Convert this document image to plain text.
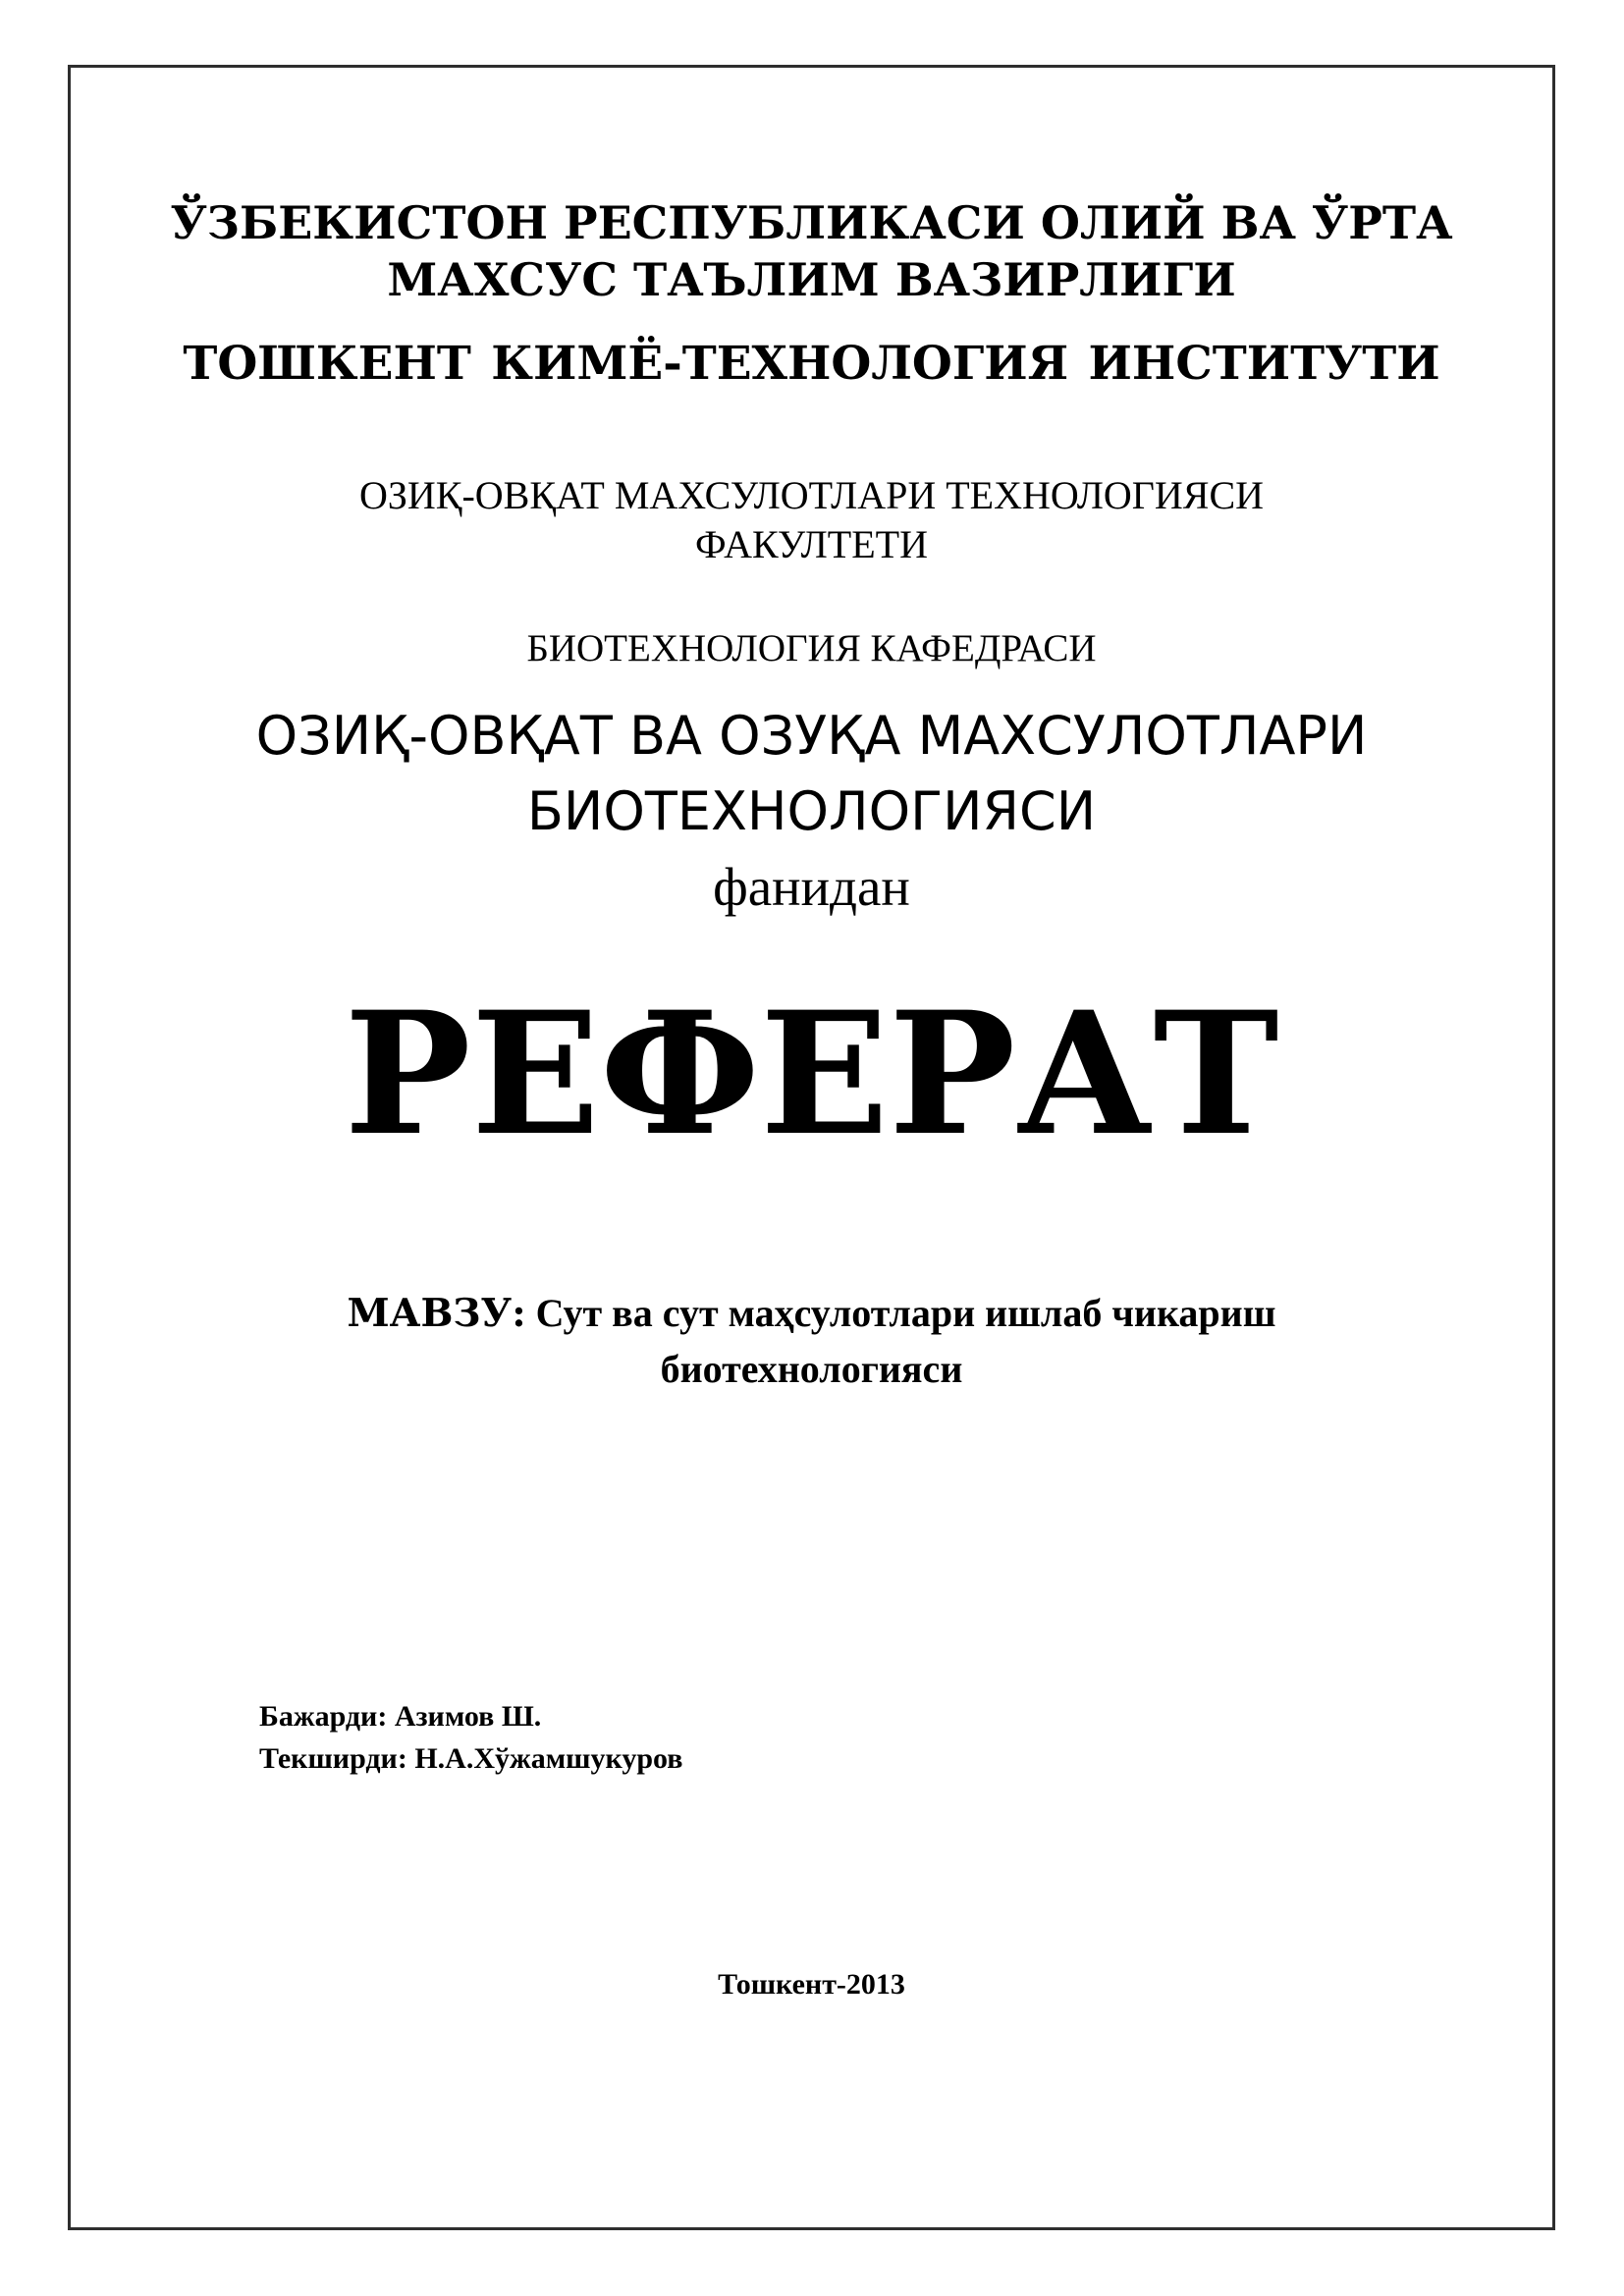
ЎЗБЕКИСТОН РЕСПУБЛИКАСИ ОЛИЙ ВА ЎРТА
МАХСУС ТАЪЛИМ ВАЗИРЛИГИ
ТОШКЕНТ КИМЁ-ТЕХНОЛОГИЯ ИНСТИТУТИ
ОЗИҚ-ОВҚАТ МАХСУЛОТЛАРИ ТЕХНОЛОГИЯСИ
ФАКУЛТЕТИ
БИОТЕХНОЛОГИЯ КАФЕДРАСИ
ОЗИҚ-ОВҚАТ ВА ОЗУҚА МАХСУЛОТЛАРИ
БИОТЕХНОЛОГИЯСИ
фанидан
РЕФЕРАТ
МАВЗУ: Сут ва сут маҳсулотлари ишлаб чикариш
биотехнологияси
Бажарди: Азимов Ш.
Текширди: Н.А.Хўжамшукуров
Тошкент-2013
